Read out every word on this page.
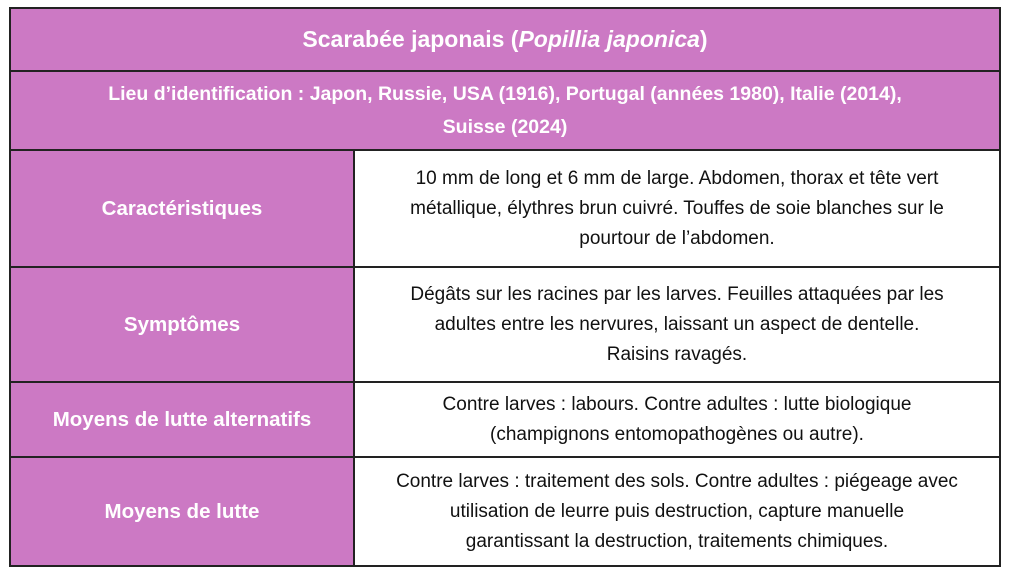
Scarabée japonais ( Popillia japonica )
Lieu d’identification : Japon, Russie, USA (1916), Portugal (années 1980), Italie (2014),
Suisse (2024)
Caractéristiques
10 mm de long et 6 mm de large. Abdomen, thorax et tête vert
métallique, élythres brun cuivré. Touffes de soie blanches sur le
pourtour de l’abdomen.
Symptômes
Dégâts sur les racines par les larves. Feuilles attaquées par les
adultes entre les nervures, laissant un aspect de dentelle.
Raisins ravagés.
Moyens de lutte alternatifs
Contre larves : labours. Contre adultes : lutte biologique
(champignons entomopathogènes ou autre).
Moyens de lutte
Contre larves : traitement des sols. Contre adultes : piégeage avec
utilisation de leurre puis destruction, capture manuelle
garantissant la destruction, traitements chimiques.
